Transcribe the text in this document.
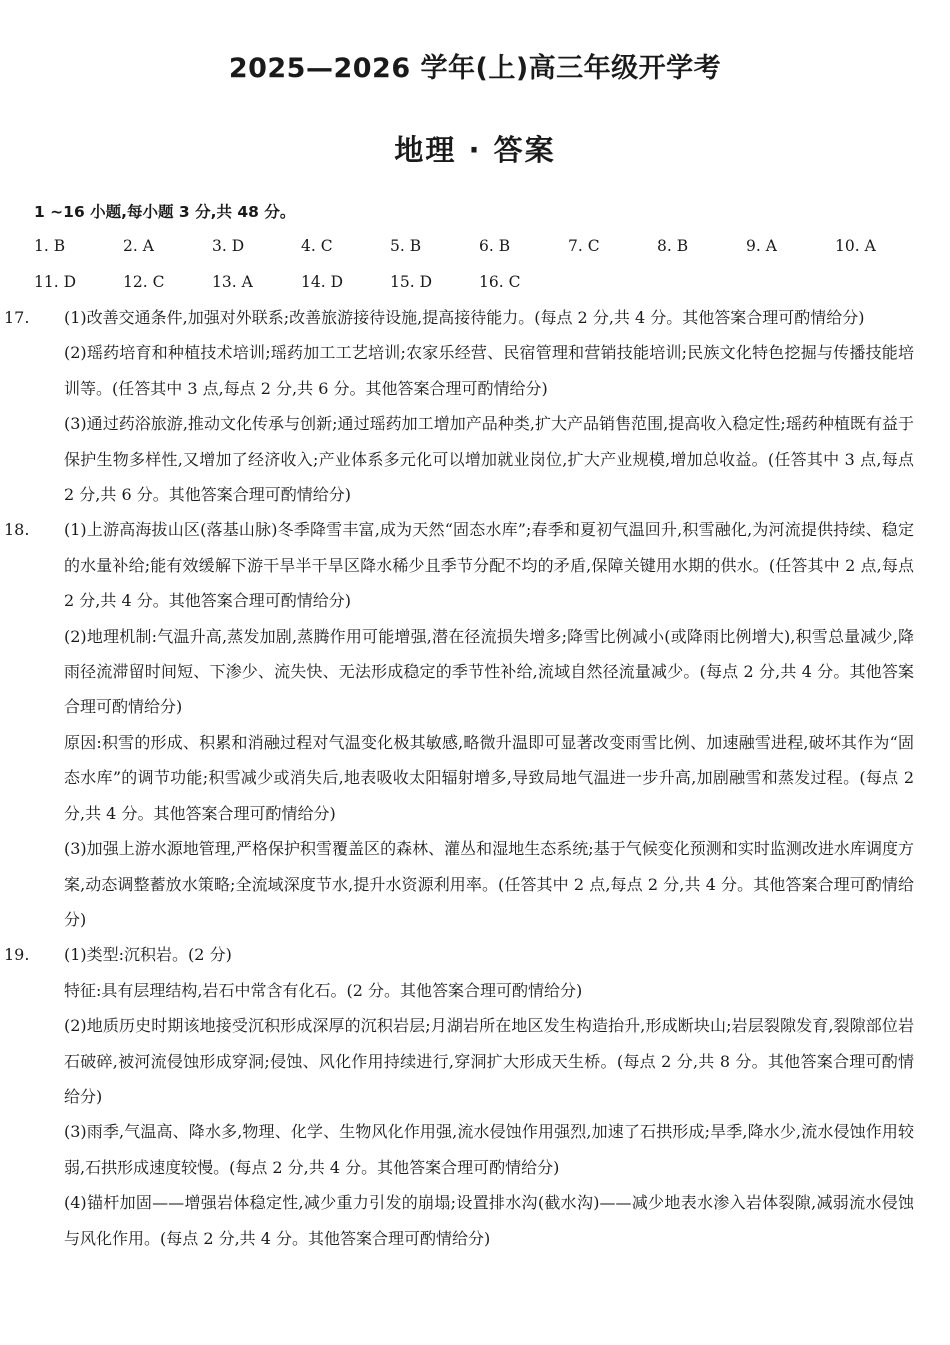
2025—2026 学年(上)高三年级开学考
地理 · 答案
1 ~16 小题,每小题 3 分,共 48 分。
1. B	2. A	3. D	4. C	5. B	6. B	7. C	8. B	9. A	10. A
11. D	12. C	13. A	14. D	15. D	16. C
17. (1)改善交通条件,加强对外联系;改善旅游接待设施,提高接待能力。(每点 2 分,共 4 分。其他答案合理可酌情给分)
(2)瑶药培育和种植技术培训;瑶药加工工艺培训;农家乐经营、民宿管理和营销技能培训;民族文化特色挖掘与传播技能培训等。(任答其中 3 点,每点 2 分,共 6 分。其他答案合理可酌情给分)
(3)通过药浴旅游,推动文化传承与创新;通过瑶药加工增加产品种类,扩大产品销售范围,提高收入稳定性;瑶药种植既有益于保护生物多样性,又增加了经济收入;产业体系多元化可以增加就业岗位,扩大产业规模,增加总收益。(任答其中 3 点,每点 2 分,共 6 分。其他答案合理可酌情给分)
18. (1)上游高海拔山区(落基山脉)冬季降雪丰富,成为天然“固态水库”;春季和夏初气温回升,积雪融化,为河流提供持续、稳定的水量补给;能有效缓解下游干旱半干旱区降水稀少且季节分配不均的矛盾,保障关键用水期的供水。(任答其中 2 点,每点 2 分,共 4 分。其他答案合理可酌情给分)
(2)地理机制:气温升高,蒸发加剧,蒸腾作用可能增强,潜在径流损失增多;降雪比例减小(或降雨比例增大),积雪总量减少,降雨径流滞留时间短、下渗少、流失快、无法形成稳定的季节性补给,流域自然径流量减少。(每点 2 分,共 4 分。其他答案合理可酌情给分)
原因:积雪的形成、积累和消融过程对气温变化极其敏感,略微升温即可显著改变雨雪比例、加速融雪进程,破坏其作为“固态水库”的调节功能;积雪减少或消失后,地表吸收太阳辐射增多,导致局地气温进一步升高,加剧融雪和蒸发过程。(每点 2 分,共 4 分。其他答案合理可酌情给分)
(3)加强上游水源地管理,严格保护积雪覆盖区的森林、灌丛和湿地生态系统;基于气候变化预测和实时监测改进水库调度方案,动态调整蓄放水策略;全流域深度节水,提升水资源利用率。(任答其中 2 点,每点 2 分,共 4 分。其他答案合理可酌情给分)
19. (1)类型:沉积岩。(2 分)
特征:具有层理结构,岩石中常含有化石。(2 分。其他答案合理可酌情给分)
(2)地质历史时期该地接受沉积形成深厚的沉积岩层;月湖岩所在地区发生构造抬升,形成断块山;岩层裂隙发育,裂隙部位岩石破碎,被河流侵蚀形成穿洞;侵蚀、风化作用持续进行,穿洞扩大形成天生桥。(每点 2 分,共 8 分。其他答案合理可酌情给分)
(3)雨季,气温高、降水多,物理、化学、生物风化作用强,流水侵蚀作用强烈,加速了石拱形成;旱季,降水少,流水侵蚀作用较弱,石拱形成速度较慢。(每点 2 分,共 4 分。其他答案合理可酌情给分)
(4)锚杆加固——增强岩体稳定性,减少重力引发的崩塌;设置排水沟(截水沟)——减少地表水渗入岩体裂隙,减弱流水侵蚀与风化作用。(每点 2 分,共 4 分。其他答案合理可酌情给分)
